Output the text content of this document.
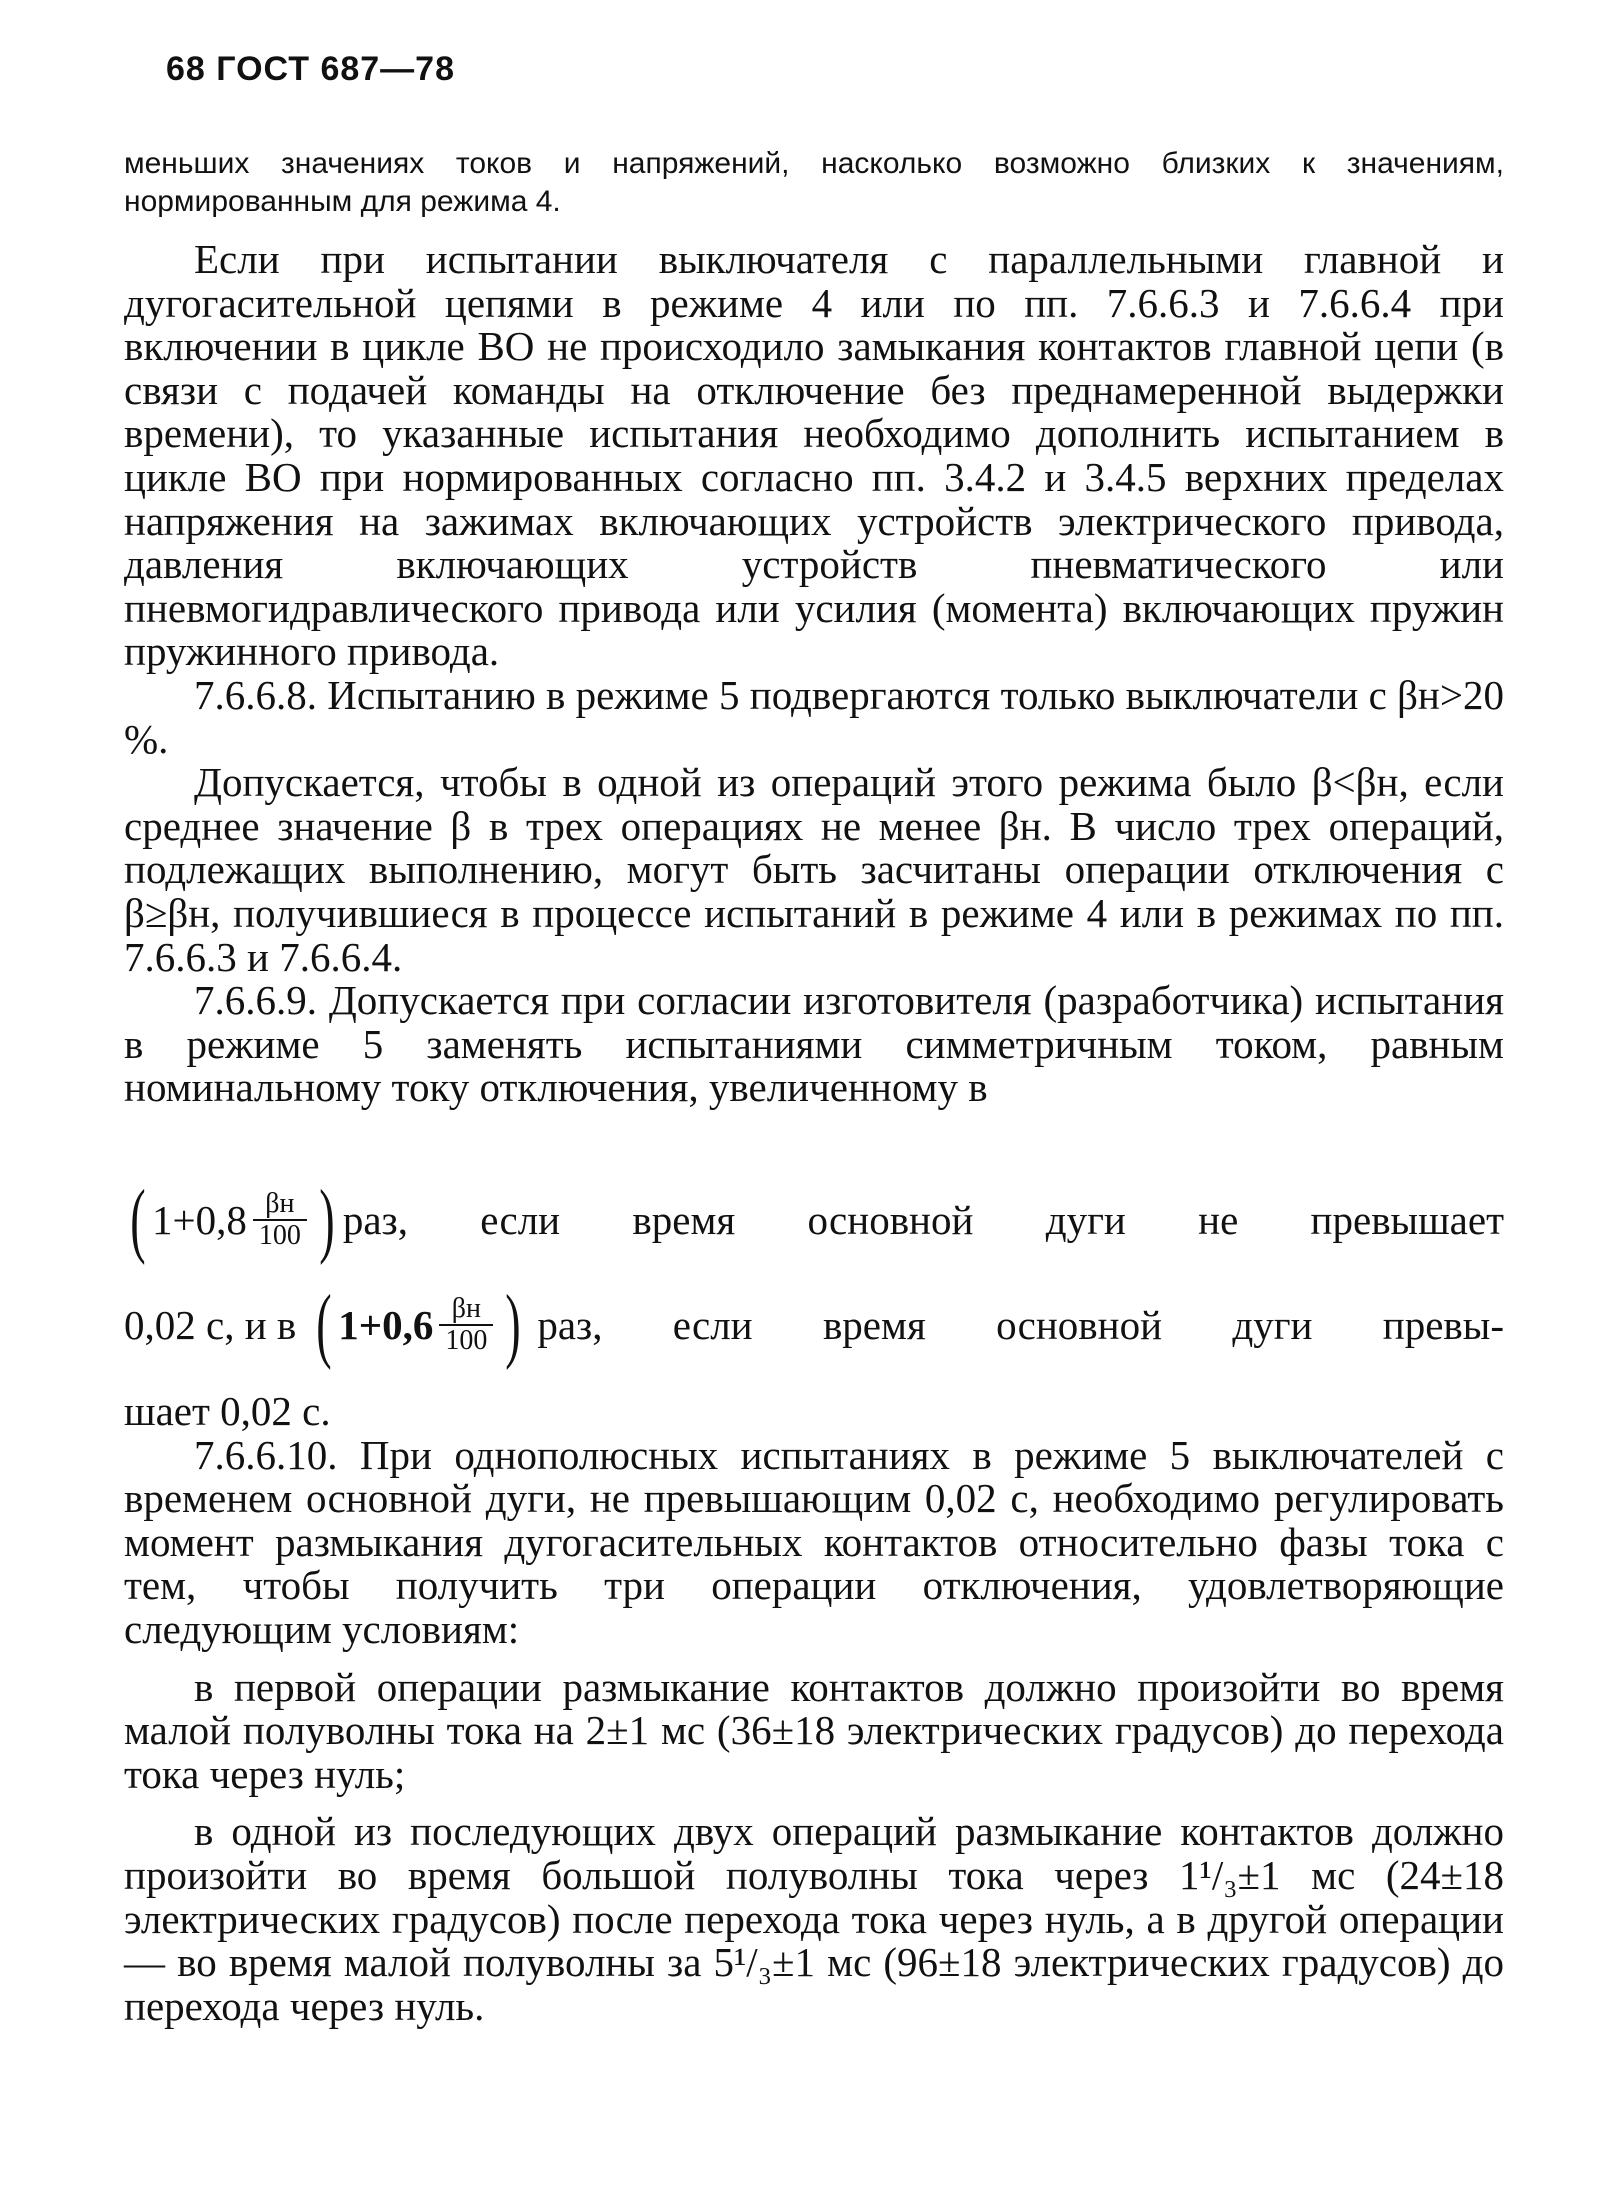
68 ГОСТ 687—78
меньших значениях токов и напряжений, насколько возможно близких к значениям, нормированным для режима 4.

Если при испытании выключателя с параллельными главной и дугогасительной цепями в режиме 4 или по пп. 7.6.6.3 и 7.6.6.4 при включении в цикле ВО не происходило замыкания контактов главной цепи (в связи с подачей команды на отключение без преднамеренной выдержки времени), то указанные испытания необходимо дополнить испытанием в цикле ВО при нормированных согласно пп. 3.4.2 и 3.4.5 верхних пределах напряжения на зажимах включающих устройств электрического привода, давления включающих устройств пневматического или пневмогидравлического привода или усилия (момента) включающих пружин пружинного привода.

7.6.6.8. Испытанию в режиме 5 подвергаются только выключатели с βн>20 %.

Допускается, чтобы в одной из операций этого режима было β<βн, если среднее значение β в трех операциях не менее βн. В число трех операций, подлежащих выполнению, могут быть засчитаны операции отключения с β≥βн, получившиеся в процессе испытаний в режиме 4 или в режимах по пп. 7.6.6.3 и 7.6.6.4.

7.6.6.9. Допускается при согласии изготовителя (разработчика) испытания в режиме 5 заменять испытаниями симметричным током, равным номинальному току отключения, увеличенному в

( $1+0,8 \frac{\beta н}{100}$ ) раз, если время основной дуги не превышает
0,02 с, и в ( $1+0,6 \frac{\beta н}{100}$ ) раз, если время основной дуги превы-

шает 0,02 с.

7.6.6.10. При однополюсных испытаниях в режиме 5 выключателей с временем основной дуги, не превышающим 0,02 с, необходимо регулировать момент размыкания дугогасительных контактов относительно фазы тока с тем, чтобы получить три операции отключения, удовлетворяющие следующим условиям:

в первой операции размыкание контактов должно произойти во время малой полуволны тока на 2±1 мс (36±18 электрических градусов) до перехода тока через нуль;

в одной из последующих двух операций размыкание контактов должно произойти во время большой полуволны тока через 1¹/₃±1 мс (24±18 электрических градусов) после перехода тока через нуль, а в другой операции — во время малой полуволны за 5¹/₃±1 мс (96±18 электрических градусов) до перехода через нуль.
